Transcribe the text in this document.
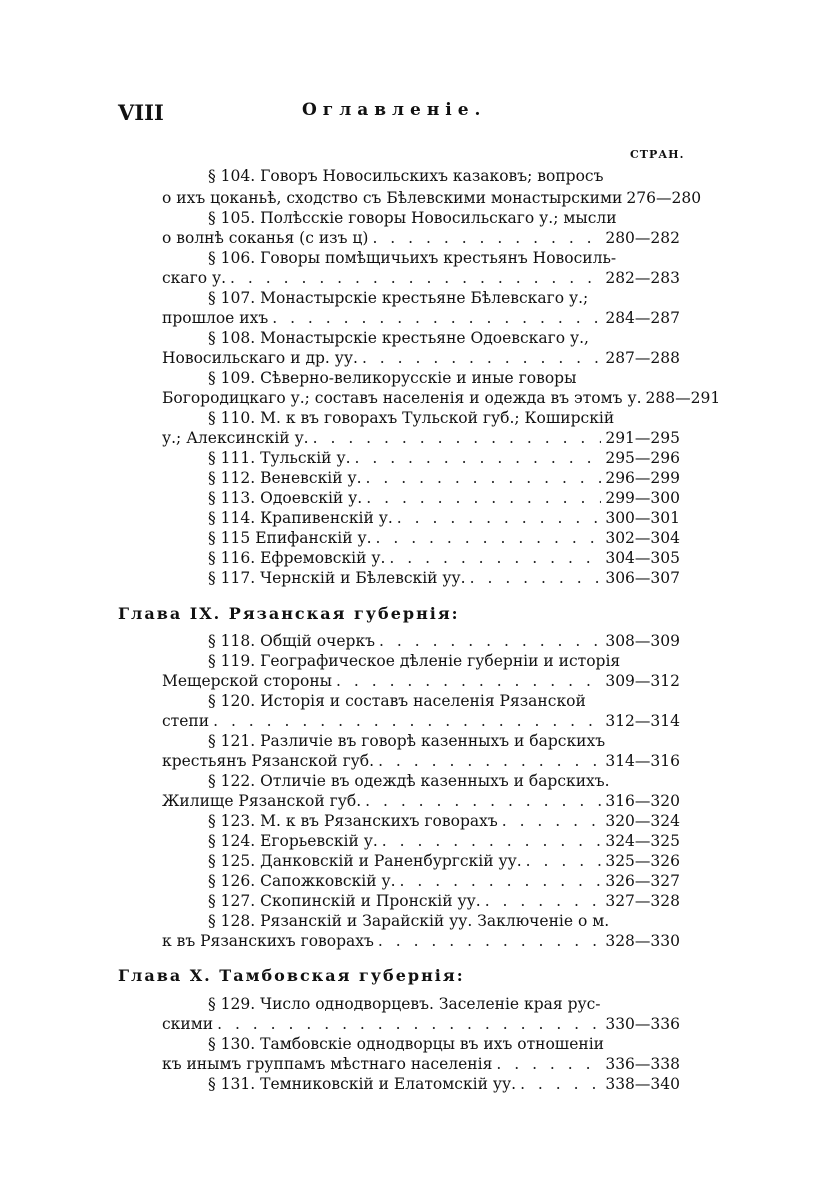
VIII	Оглавленіе.
СТРАН.
§ 104. Говоръ Новосильскихъ казаковъ; вопросъ
о ихъ цоканьѣ, сходство съ Бѣлевскими монастырскими 276—280
§ 105. Полѣсскіе говоры Новосильскаго у.; мысли
о волнѣ соканья (с изъ ц) . . .	280—282
§ 106. Говоры помѣщичьихъ крестьянъ Новосиль-
скаго у. . . .	282—283
§ 107. Монастырскіе крестьяне Бѣлевскаго у.;
прошлое ихъ . . .	284—287
§ 108. Монастырскіе крестьяне Одоевскаго у.,
Новосильскаго и др. уу. . . .	287—288
§ 109. Сѣверно-великорусскіе и иные говоры
Богородицкаго у.; составъ населенія и одежда въ этомъ у. 288—291
§ 110. М. к въ говорахъ Тульской губ.; Коширскій
у.; Алексинскій у. . . .	291—295
§ 111. Тульскій у. . . .	295—296
§ 112. Веневскій у. . . .	296—299
§ 113. Одоевскій у. . . .	299—300
§ 114. Крапивенскій у. . . .	300—301
§ 115 Епифанскій у. . . .	302—304
§ 116. Ефремовскій у. . . .	304—305
§ 117. Чернскій и Бѣлевскій уу. . . .	306—307
Глава IX. Рязанская губернія:
§ 118. Общій очеркъ . . .	308—309
§ 119. Географическое дѣленіе губерніи и исторія
Мещерской стороны . . .	309—312
§ 120. Исторія и составъ населенія Рязанской
степи . . .	312—314
§ 121. Различіе въ говорѣ казенныхъ и барскихъ
крестьянъ Рязанской губ. . . .	314—316
§ 122. Отличіе въ одеждѣ казенныхъ и барскихъ.
Жилище Рязанской губ. . . .	316—320
§ 123. М. к въ Рязанскихъ говорахъ . . .	320—324
§ 124. Егорьевскій у. . . .	324—325
§ 125. Данковскій и Раненбургскій уу. . . .	325—326
§ 126. Сапожковскій у. . . .	326—327
§ 127. Скопинскій и Пронскій уу. . . .	327—328
§ 128. Рязанскій и Зарайскій уу. Заключеніе о м.
к въ Рязанскихъ говорахъ . . .	328—330
Глава X. Тамбовская губернія:
§ 129. Число однодворцевъ. Заселеніе края рус-
скими . . .	330—336
§ 130. Тамбовскіе однодворцы въ ихъ отношеніи
къ инымъ группамъ мѣстнаго населенія . . .	336—338
§ 131. Темниковскій и Елатомскій уу. . . .	338—340
